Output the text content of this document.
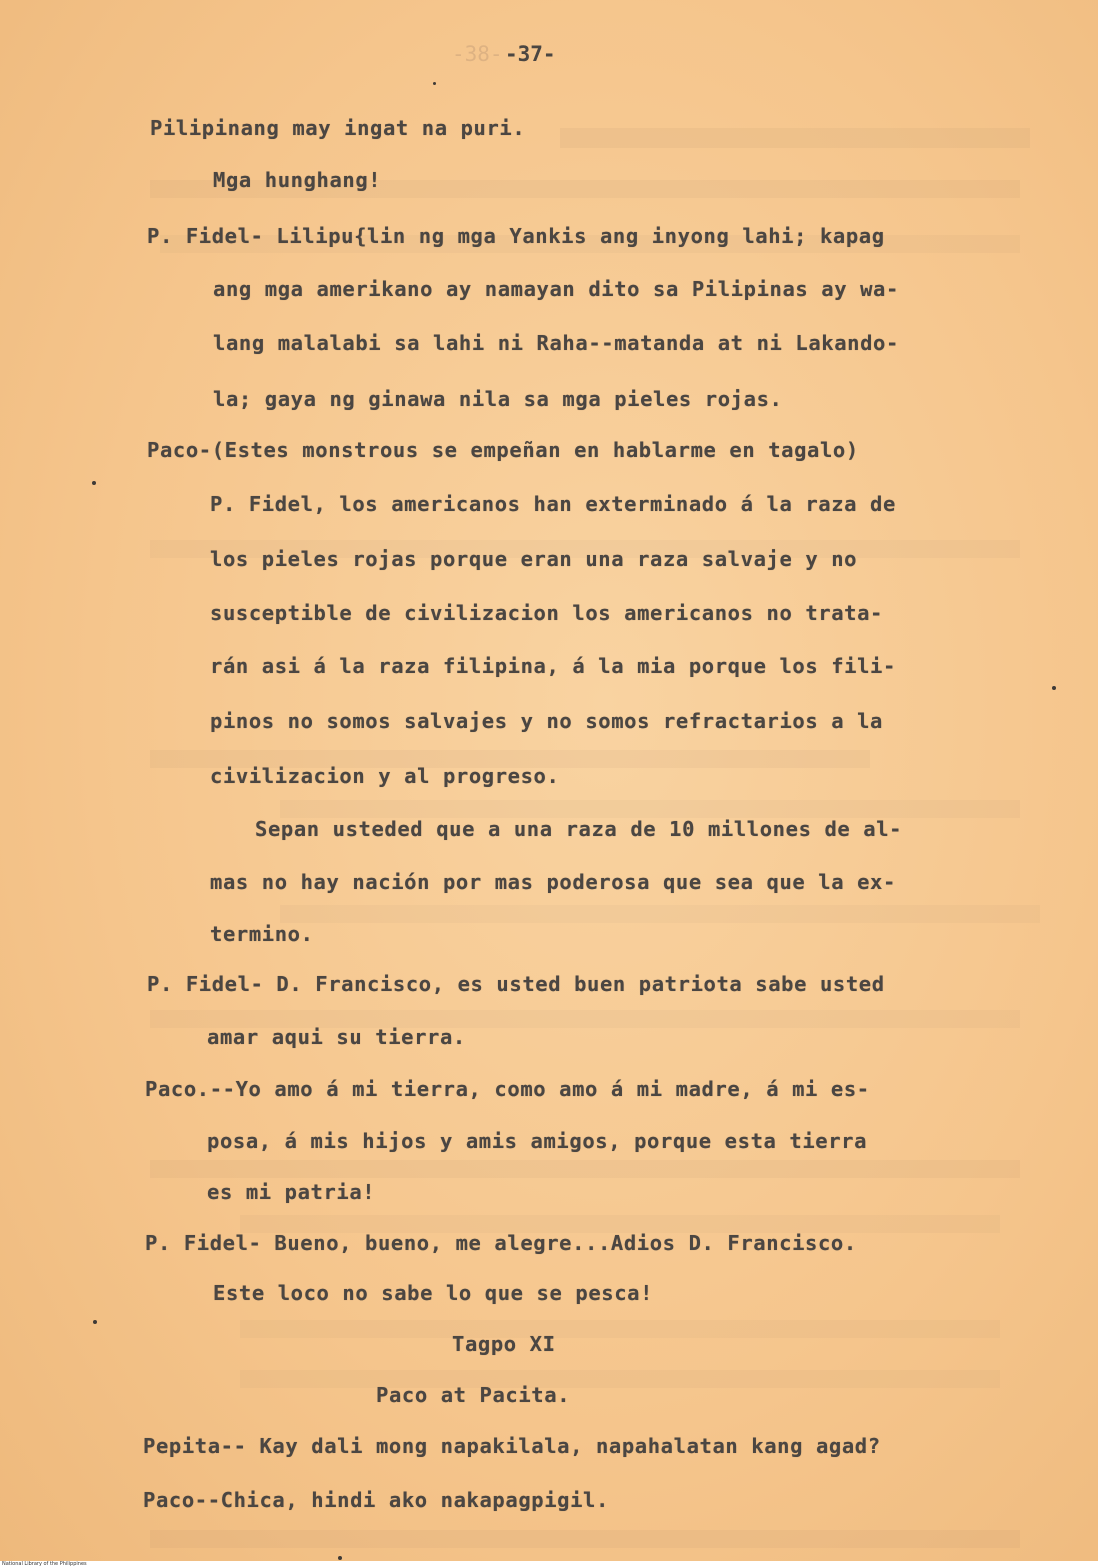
-38- -37-
Pilipinang may ingat na puri.
Mga hunghang!
P. Fidel- Lilipu{lin ng mga Yankis ang inyong lahi; kapag
ang mga amerikano ay namayan dito sa Pilipinas ay wa-
lang malalabi sa lahi ni Raha--matanda at ni Lakando-
la; gaya ng ginawa nila sa mga pieles rojas.
Paco-(Estes monstrous se empeñan en hablarme en tagalo)
P. Fidel, los americanos han exterminado á la raza de
los pieles rojas porque eran una raza salvaje y no
susceptible de civilizacion los americanos no trata-
rán asi á la raza filipina, á la mia porque los fili-
pinos no somos salvajes y no somos refractarios a la
civilizacion y al progreso.
Sepan usteded que a una raza de 10 millones de al-
mas no hay nación por mas poderosa que sea que la ex-
termino.
P. Fidel- D. Francisco, es usted buen patriota sabe usted
amar aqui su tierra.
Paco.--Yo amo á mi tierra, como amo á mi madre, á mi es-
posa, á mis hijos y amis amigos, porque esta tierra
es mi patria!
P. Fidel- Bueno, bueno, me alegre...Adios D. Francisco.
Este loco no sabe lo que se pesca!
Tagpo XI
Paco at Pacita.
Pepita-- Kay dali mong napakilala, napahalatan kang agad?
Paco--Chica, hindi ako nakapagpigil.
National Library of the Philippines
